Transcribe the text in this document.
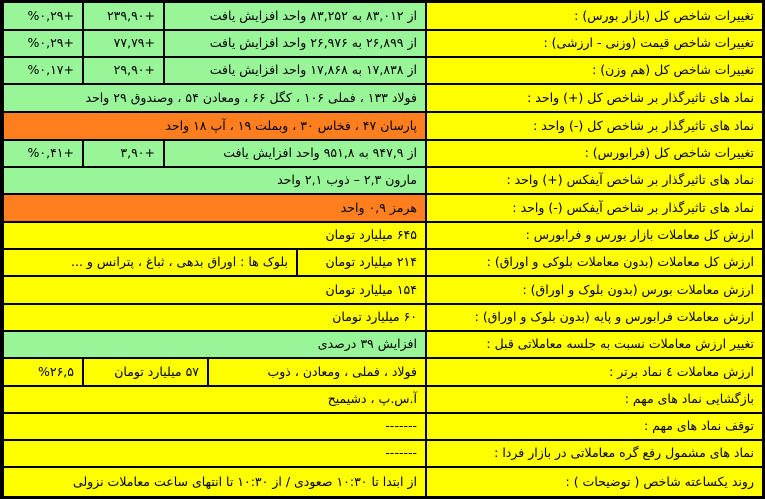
تغییرات شاخص کل (بازار بورس) :
از ۸۳,۰۱۲ به ۸۳,۲۵۲ واحد افزایش یافت
+۲۳۹,۹۰
+%۰,۲۹
تغییرات شاخص قیمت (وزنی - ارزشی) :
از ۲۶,۸۹۹ به ۲۶,۹۷۶ واحد افزایش یافت
+۷۷,۷۹
+%۰,۲۹
تغییرات شاخص کل (هم وزن) :
از ۱۷,۸۳۸ به ۱۷,۸۶۸ واحد افزایش یافت
+۲۹,۹۰
+%۰,۱۷
نماد های تاثیرگذار بر شاخص کل (+) واحد :
فولاد ۱۳۳ ، فملی ۱۰۶ ، کگل ۶۶ ، ومعادن ۵۴ ، وصندوق ۲۹ واحد
نماد های تاثیرگذار بر شاخص کل (-) واحد :
پارسان ۴۷ ، فخاس ۳۰ ، وبملت ۱۹ ، آپ ۱۸ واحد
تغییرات شاخص کل (فرابورس) :
از ۹۴۷,۹ به ۹۵۱,۸ واحد افزایش یافت
+۳,۹۰
+%۰,۴۱
نماد های تاثیرگذار بر شاخص آیفکس (+) واحد :
مارون ۲,۳ – ذوب ۲,۱ واحد
نماد های تاثیرگذار بر شاخص آیفکس (-) واحد :
هرمز ۰,۹ واحد
ارزش کل معاملات بازار بورس و فرابورس :
۶۴۵ میلیارد تومان
ارزش کل معاملات (بدون معاملات بلوکی و اوراق) :
۲۱۴ میلیارد تومان
بلوک ها : اوراق بدهی ، ثباغ ، پترانس و ...
ارزش معاملات بورس (بدون بلوک و اوراق) :
۱۵۴ میلیارد تومان
ارزش معاملات فرابورس و پایه (بدون بلوک و اوراق) :
۶۰ میلیارد تومان
تغییر ارزش معاملات نسبت به جلسه معاملاتی قبل :
افزایش ۳۹ درصدی
ارزش معاملات ٤ نماد برتر :
فولاد ، فملی ، ومعادن ، ذوب
۵۷ میلیارد تومان
%۲۶,۵
بازگشایی نماد های مهم :
آ.س.پ ، دشیمیح
توقف نماد های مهم :
-------
نماد های مشمول رفع گره معاملاتی در بازار فردا :
-------
روند یکساعته شاخص ( توضیحات ) :
از ابتدا تا ۱۰:۳۰ صعودی / از ۱۰:۳۰ تا انتهای ساعت معاملات نزولی
